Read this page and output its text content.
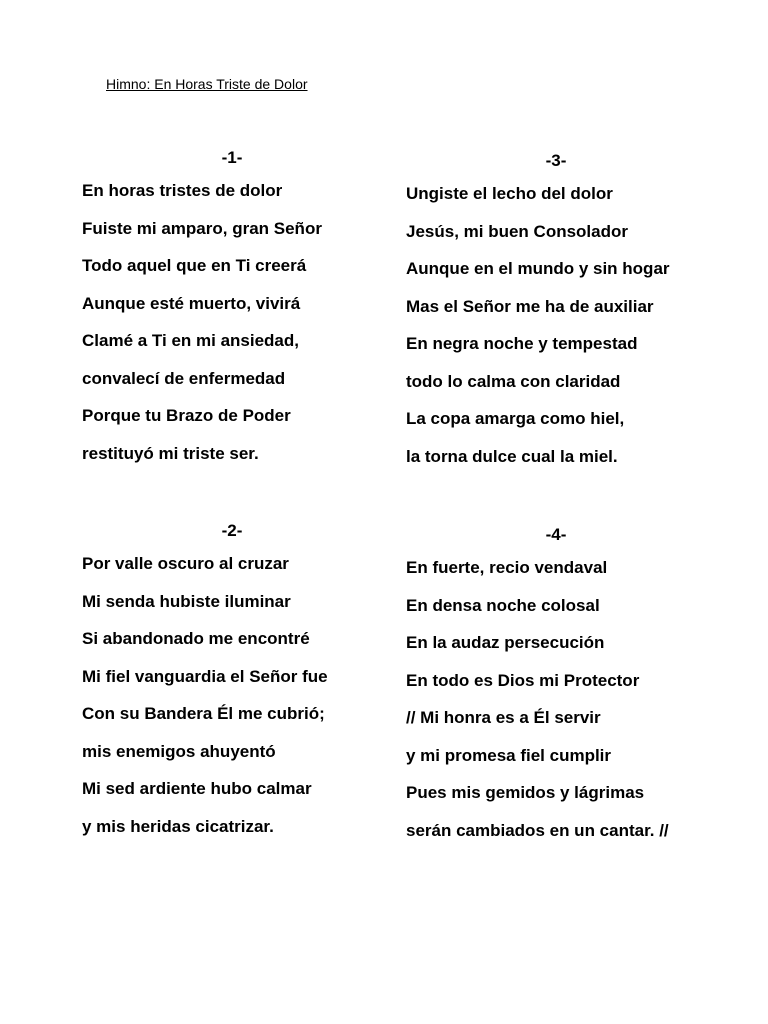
Himno: En Horas Triste de Dolor
-1-
En horas tristes de dolor
Fuiste mi amparo, gran Señor
Todo aquel que en Ti creerá
Aunque esté muerto, vivirá
Clamé a Ti en mi ansiedad,
convalecí de enfermedad
Porque tu Brazo de Poder
restituyó mi triste ser.
-3-
Ungiste el lecho del dolor
Jesús, mi buen Consolador
Aunque en el mundo y sin hogar
Mas el Señor me ha de auxiliar
En negra noche y tempestad
todo lo calma con claridad
La copa amarga como hiel,
la torna dulce cual la miel.
-2-
Por valle oscuro al cruzar
Mi senda hubiste iluminar
Si abandonado me encontré
Mi fiel vanguardia el Señor fue
Con su Bandera Él me cubrió;
mis enemigos ahuyentó
Mi sed ardiente hubo calmar
y mis heridas cicatrizar.
-4-
En fuerte, recio vendaval
En densa noche colosal
En la audaz persecución
En todo es Dios mi Protector
// Mi honra es a Él servir
y mi promesa fiel cumplir
Pues mis gemidos y lágrimas
serán cambiados en un cantar. //
